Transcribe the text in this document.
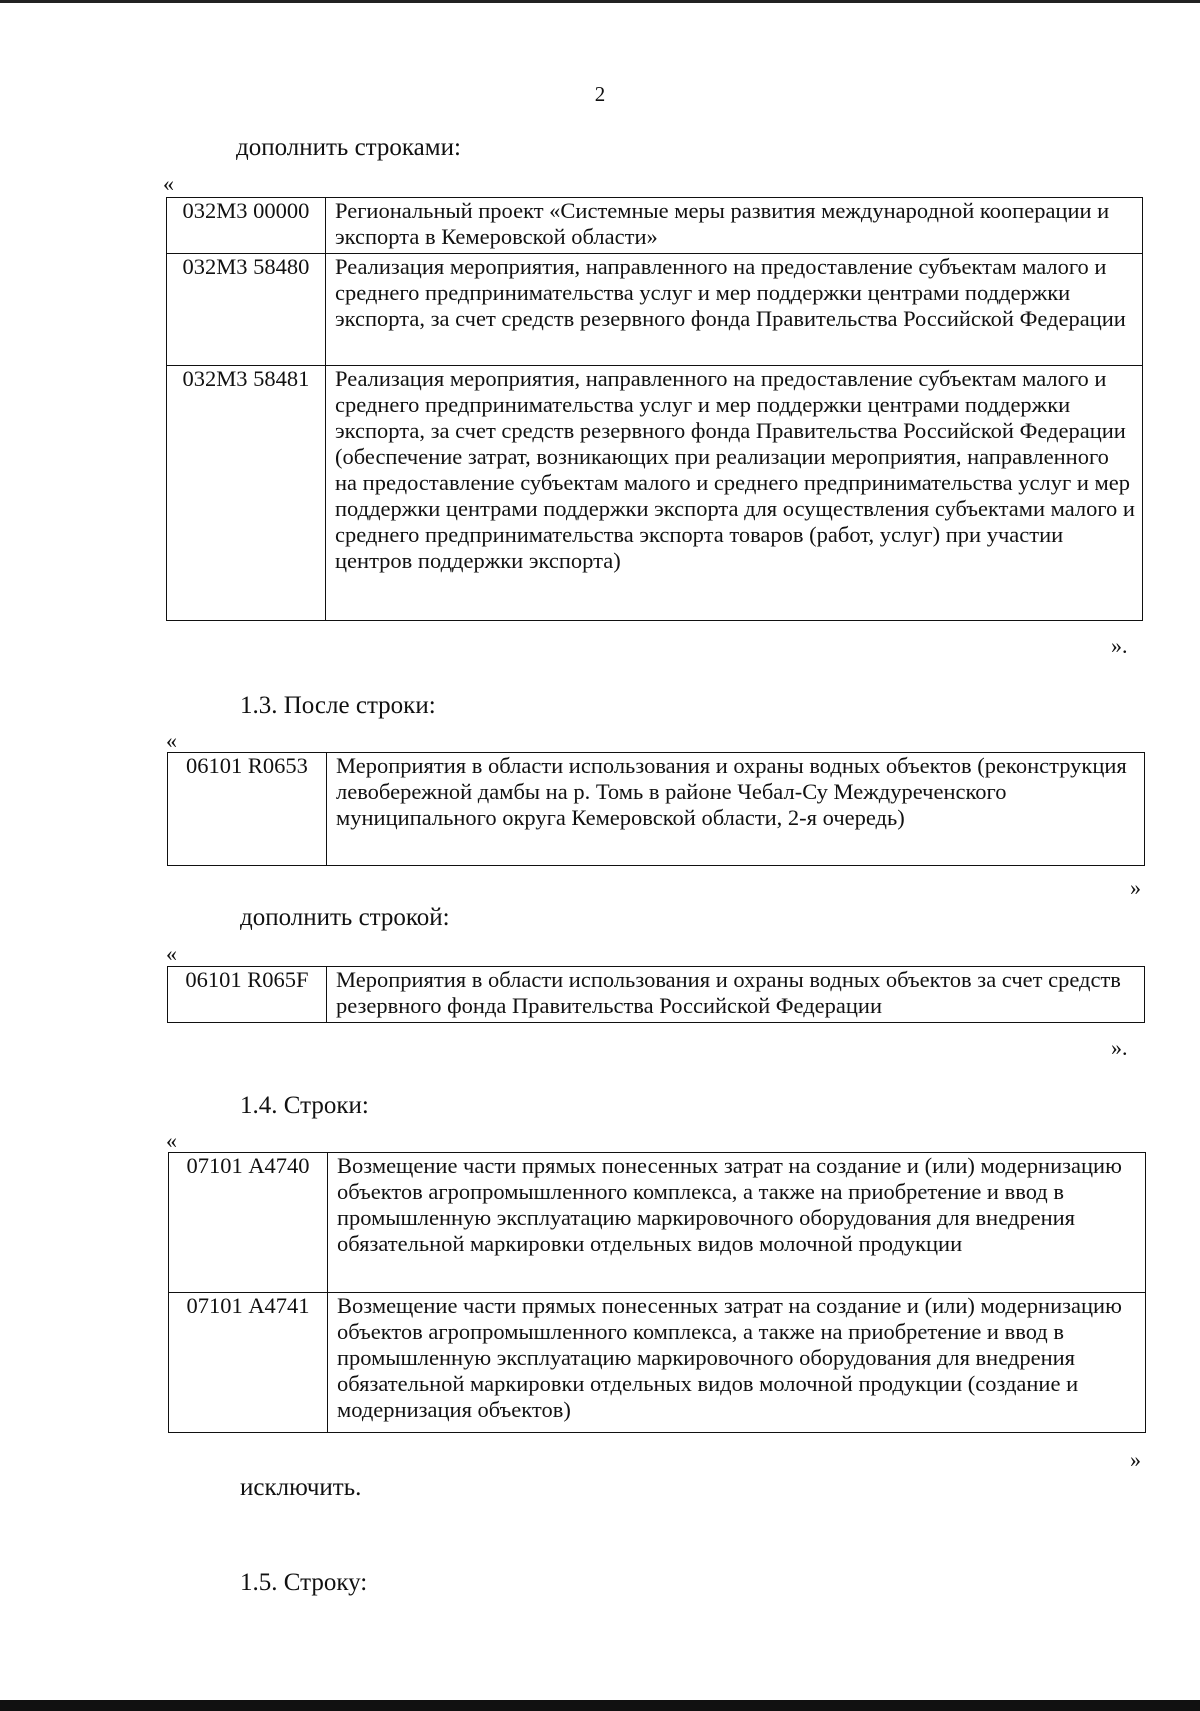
2
дополнить строками:
«
032М3 00000	Региональный проект «Системные меры развития международной кооперации и экспорта в Кемеровской области»
032М3 58480	Реализация мероприятия, направленного на предоставление субъектам малого и среднего предпринимательства услуг и мер поддержки центрами поддержки экспорта, за счет средств резервного фонда Правительства Российской Федерации
032М3 58481	Реализация мероприятия, направленного на предоставление субъектам малого и среднего предпринимательства услуг и мер поддержки центрами поддержки экспорта, за счет средств резервного фонда Правительства Российской Федерации (обеспечение затрат, возникающих при реализации мероприятия, направленного на предоставление субъектам малого и среднего предпринимательства услуг и мер поддержки центрами поддержки экспорта для осуществления субъектами малого и среднего предпринимательства экспорта товаров (работ, услуг) при участии центров поддержки экспорта)
».
1.3. После строки:
«
06101 R0653	Мероприятия в области использования и охраны водных объектов (реконструкция левобережной дамбы на р. Томь в районе Чебал-Су Междуреченского муниципального округа Кемеровской области, 2-я очередь)
»
дополнить строкой:
«
06101 R065F	Мероприятия в области использования и охраны водных объектов за счет средств резервного фонда Правительства Российской Федерации
».
1.4. Строки:
«
07101 А4740	Возмещение части прямых понесенных затрат на создание и (или) модернизацию объектов агропромышленного комплекса, а также на приобретение и ввод в промышленную эксплуатацию маркировочного оборудования для внедрения обязательной маркировки отдельных видов молочной продукции
07101 А4741	Возмещение части прямых понесенных затрат на создание и (или) модернизацию объектов агропромышленного комплекса, а также на приобретение и ввод в промышленную эксплуатацию маркировочного оборудования для внедрения обязательной маркировки отдельных видов молочной продукции (создание и модернизация объектов)
»
исключить.
1.5. Строку:
